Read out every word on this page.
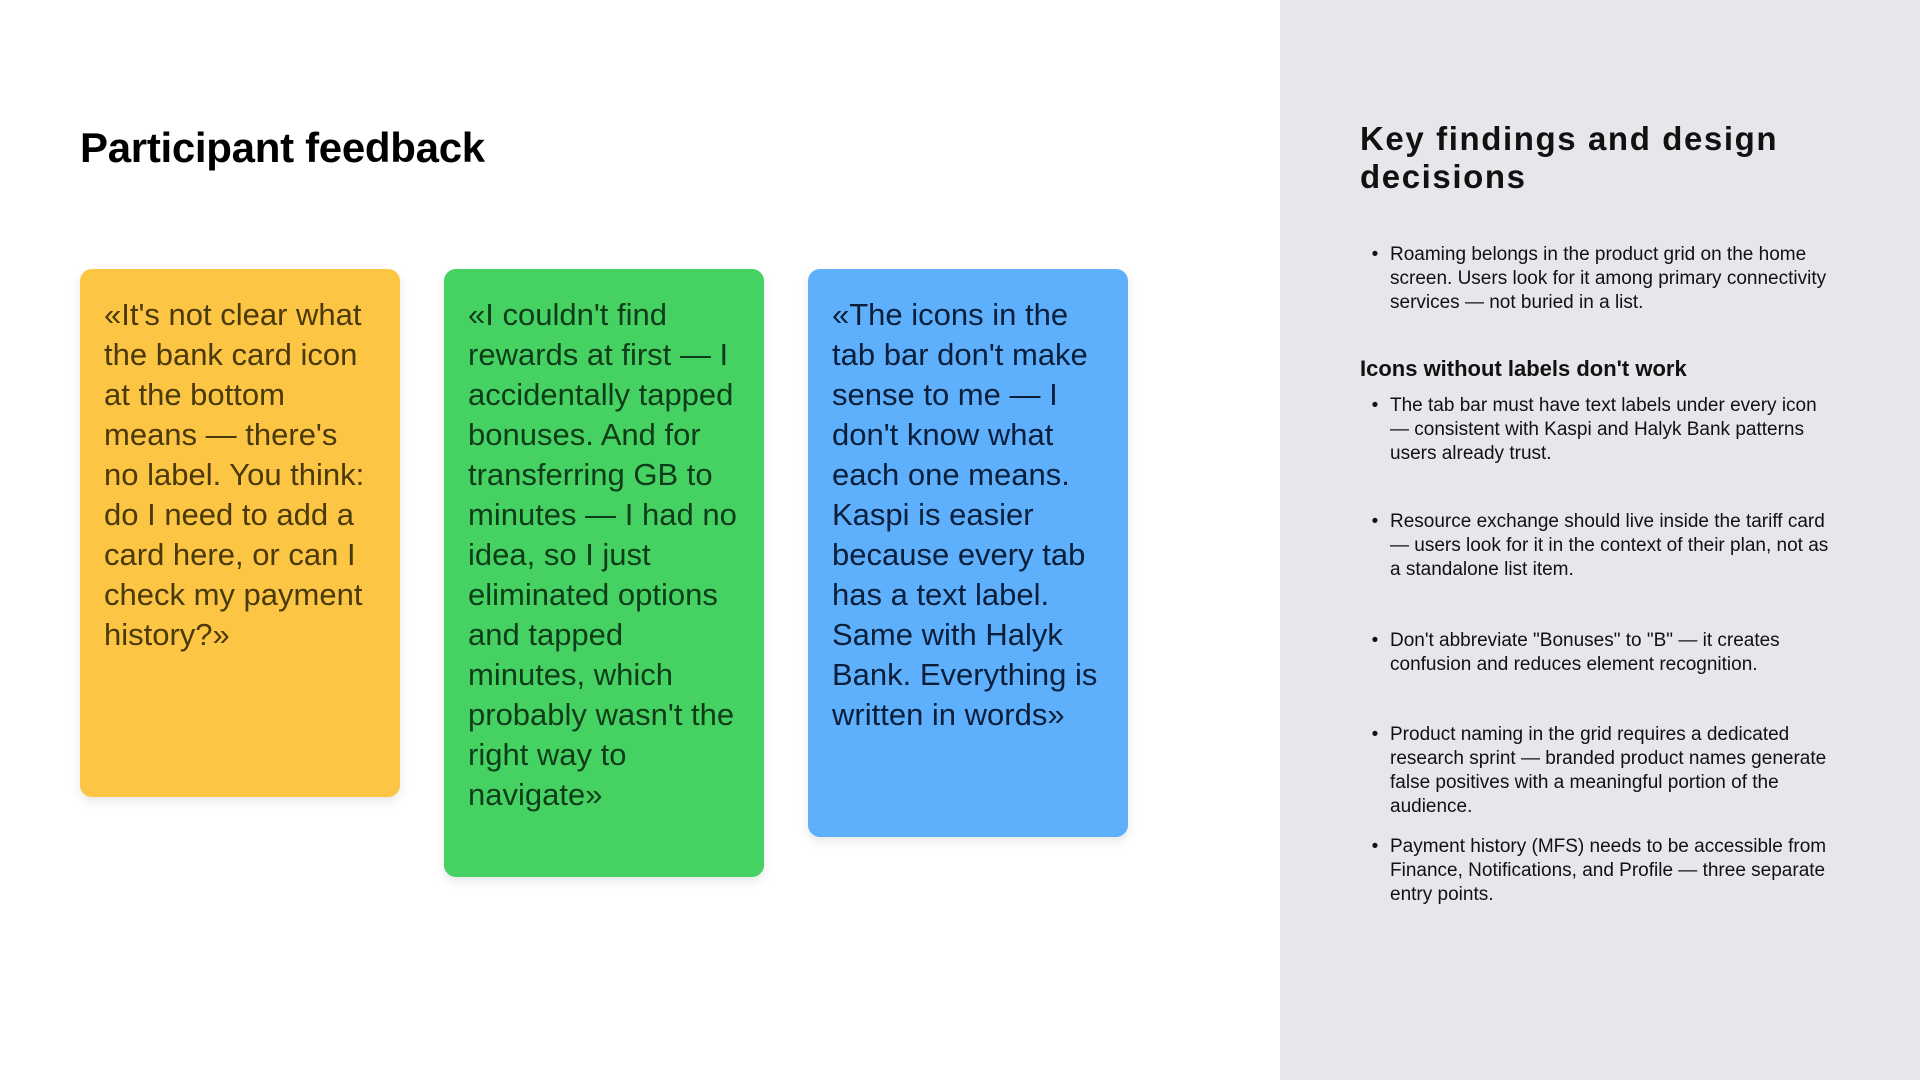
Participant feedback
«It's not clear what the bank card icon at the bottom means — there's no label. You think: do I need to add a card here, or can I check my payment history?»
«I couldn't find rewards at first — I accidentally tapped bonuses. And for transferring GB to minutes — I had no idea, so I just eliminated options and tapped minutes, which probably wasn't the right way to navigate»
«The icons in the tab bar don't make sense to me — I don't know what each one means. Kaspi is easier because every tab has a text label. Same with Halyk Bank. Everything is written in words»
Key findings and design decisions
• Roaming belongs in the product grid on the home screen. Users look for it among primary connectivity services — not buried in a list.
Icons without labels don't work
• The tab bar must have text labels under every icon — consistent with Kaspi and Halyk Bank patterns users already trust.
• Resource exchange should live inside the tariff card — users look for it in the context of their plan, not as a standalone list item.
• Don't abbreviate "Bonuses" to "B" — it creates confusion and reduces element recognition.
• Product naming in the grid requires a dedicated research sprint — branded product names generate false positives with a meaningful portion of the audience.
• Payment history (MFS) needs to be accessible from Finance, Notifications, and Profile — three separate entry points.
